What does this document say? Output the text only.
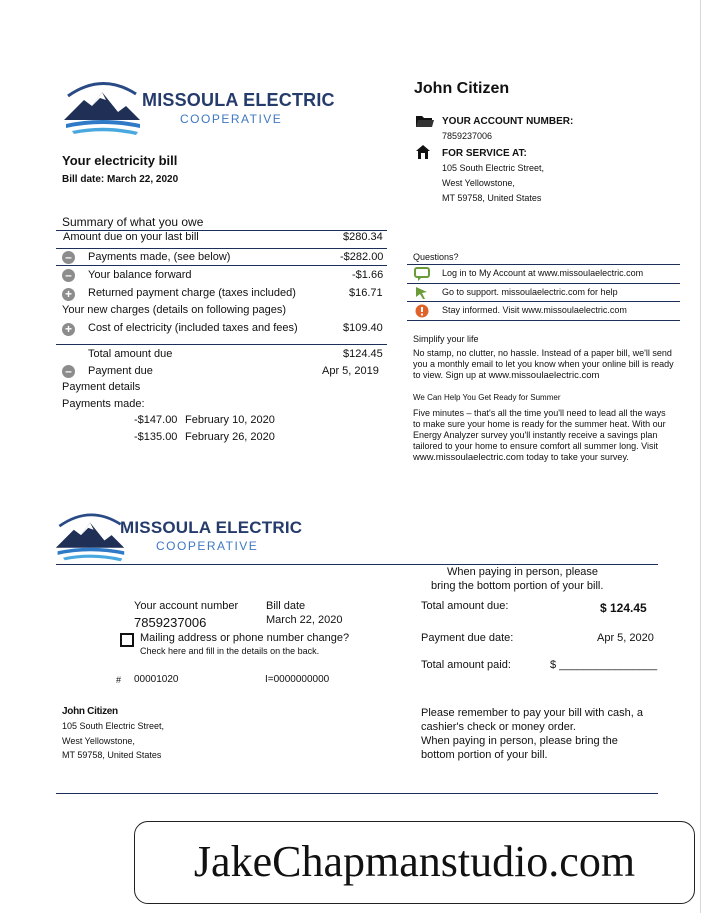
MISSOULA ELECTRIC
COOPERATIVE
Your electricity bill
Bill date: March 22, 2020
John Citizen
YOUR ACCOUNT NUMBER:
7859237006
FOR SERVICE AT:
105 South Electric Street,
West Yellowstone,
MT 59758, United States
Summary of what you owe
Amount due on your last bill	$280.34
– Payments made, (see below)	-$282.00
– Your balance forward	-$1.66
+ Returned payment charge (taxes included)	$16.71
Your new charges (details on following pages)
+ Cost of electricity (included taxes and fees)	$109.40
Total amount due	$124.45
– Payment due	Apr 5, 2019
Payment details
Payments made:
-$147.00 February 10, 2020
-$135.00 February 26, 2020
Questions?
Log in to My Account at www.missoulaelectric.com
Go to support. missoulaelectric.com for help
Stay informed. Visit www.missoulaelectric.com
Simplify your life
No stamp, no clutter, no hassle. Instead of a paper bill, we'll send you a monthly email to let you know when your online bill is ready to view. Sign up at www.missoulaelectric.com
We Can Help You Get Ready for Summer
Five minutes – that's all the time you'll need to lead all the ways to make sure your home is ready for the summer heat. With our Energy Analyzer survey you'll instantly receive a savings plan tailored to your home to ensure comfort all summer long. Visit www.missoulaelectric.com today to take your survey.
MISSOULA ELECTRIC
COOPERATIVE
When paying in person, please
bring the bottom portion of your bill.
Your account number
7859237006
Bill date
March 22, 2020
Mailing address or phone number change?
Check here and fill in the details on the back.
# 00001020	I=0000000000
Total amount due:	$ 124.45
Payment due date:	Apr 5, 2020
Total amount paid:	$ ________________
John Citizen
105 South Electric Street,
West Yellowstone,
MT 59758, United States
Please remember to pay your bill with cash, a
cashier's check or money order.
When paying in person, please bring the
bottom portion of your bill.
JakeChapmanstudio.com
